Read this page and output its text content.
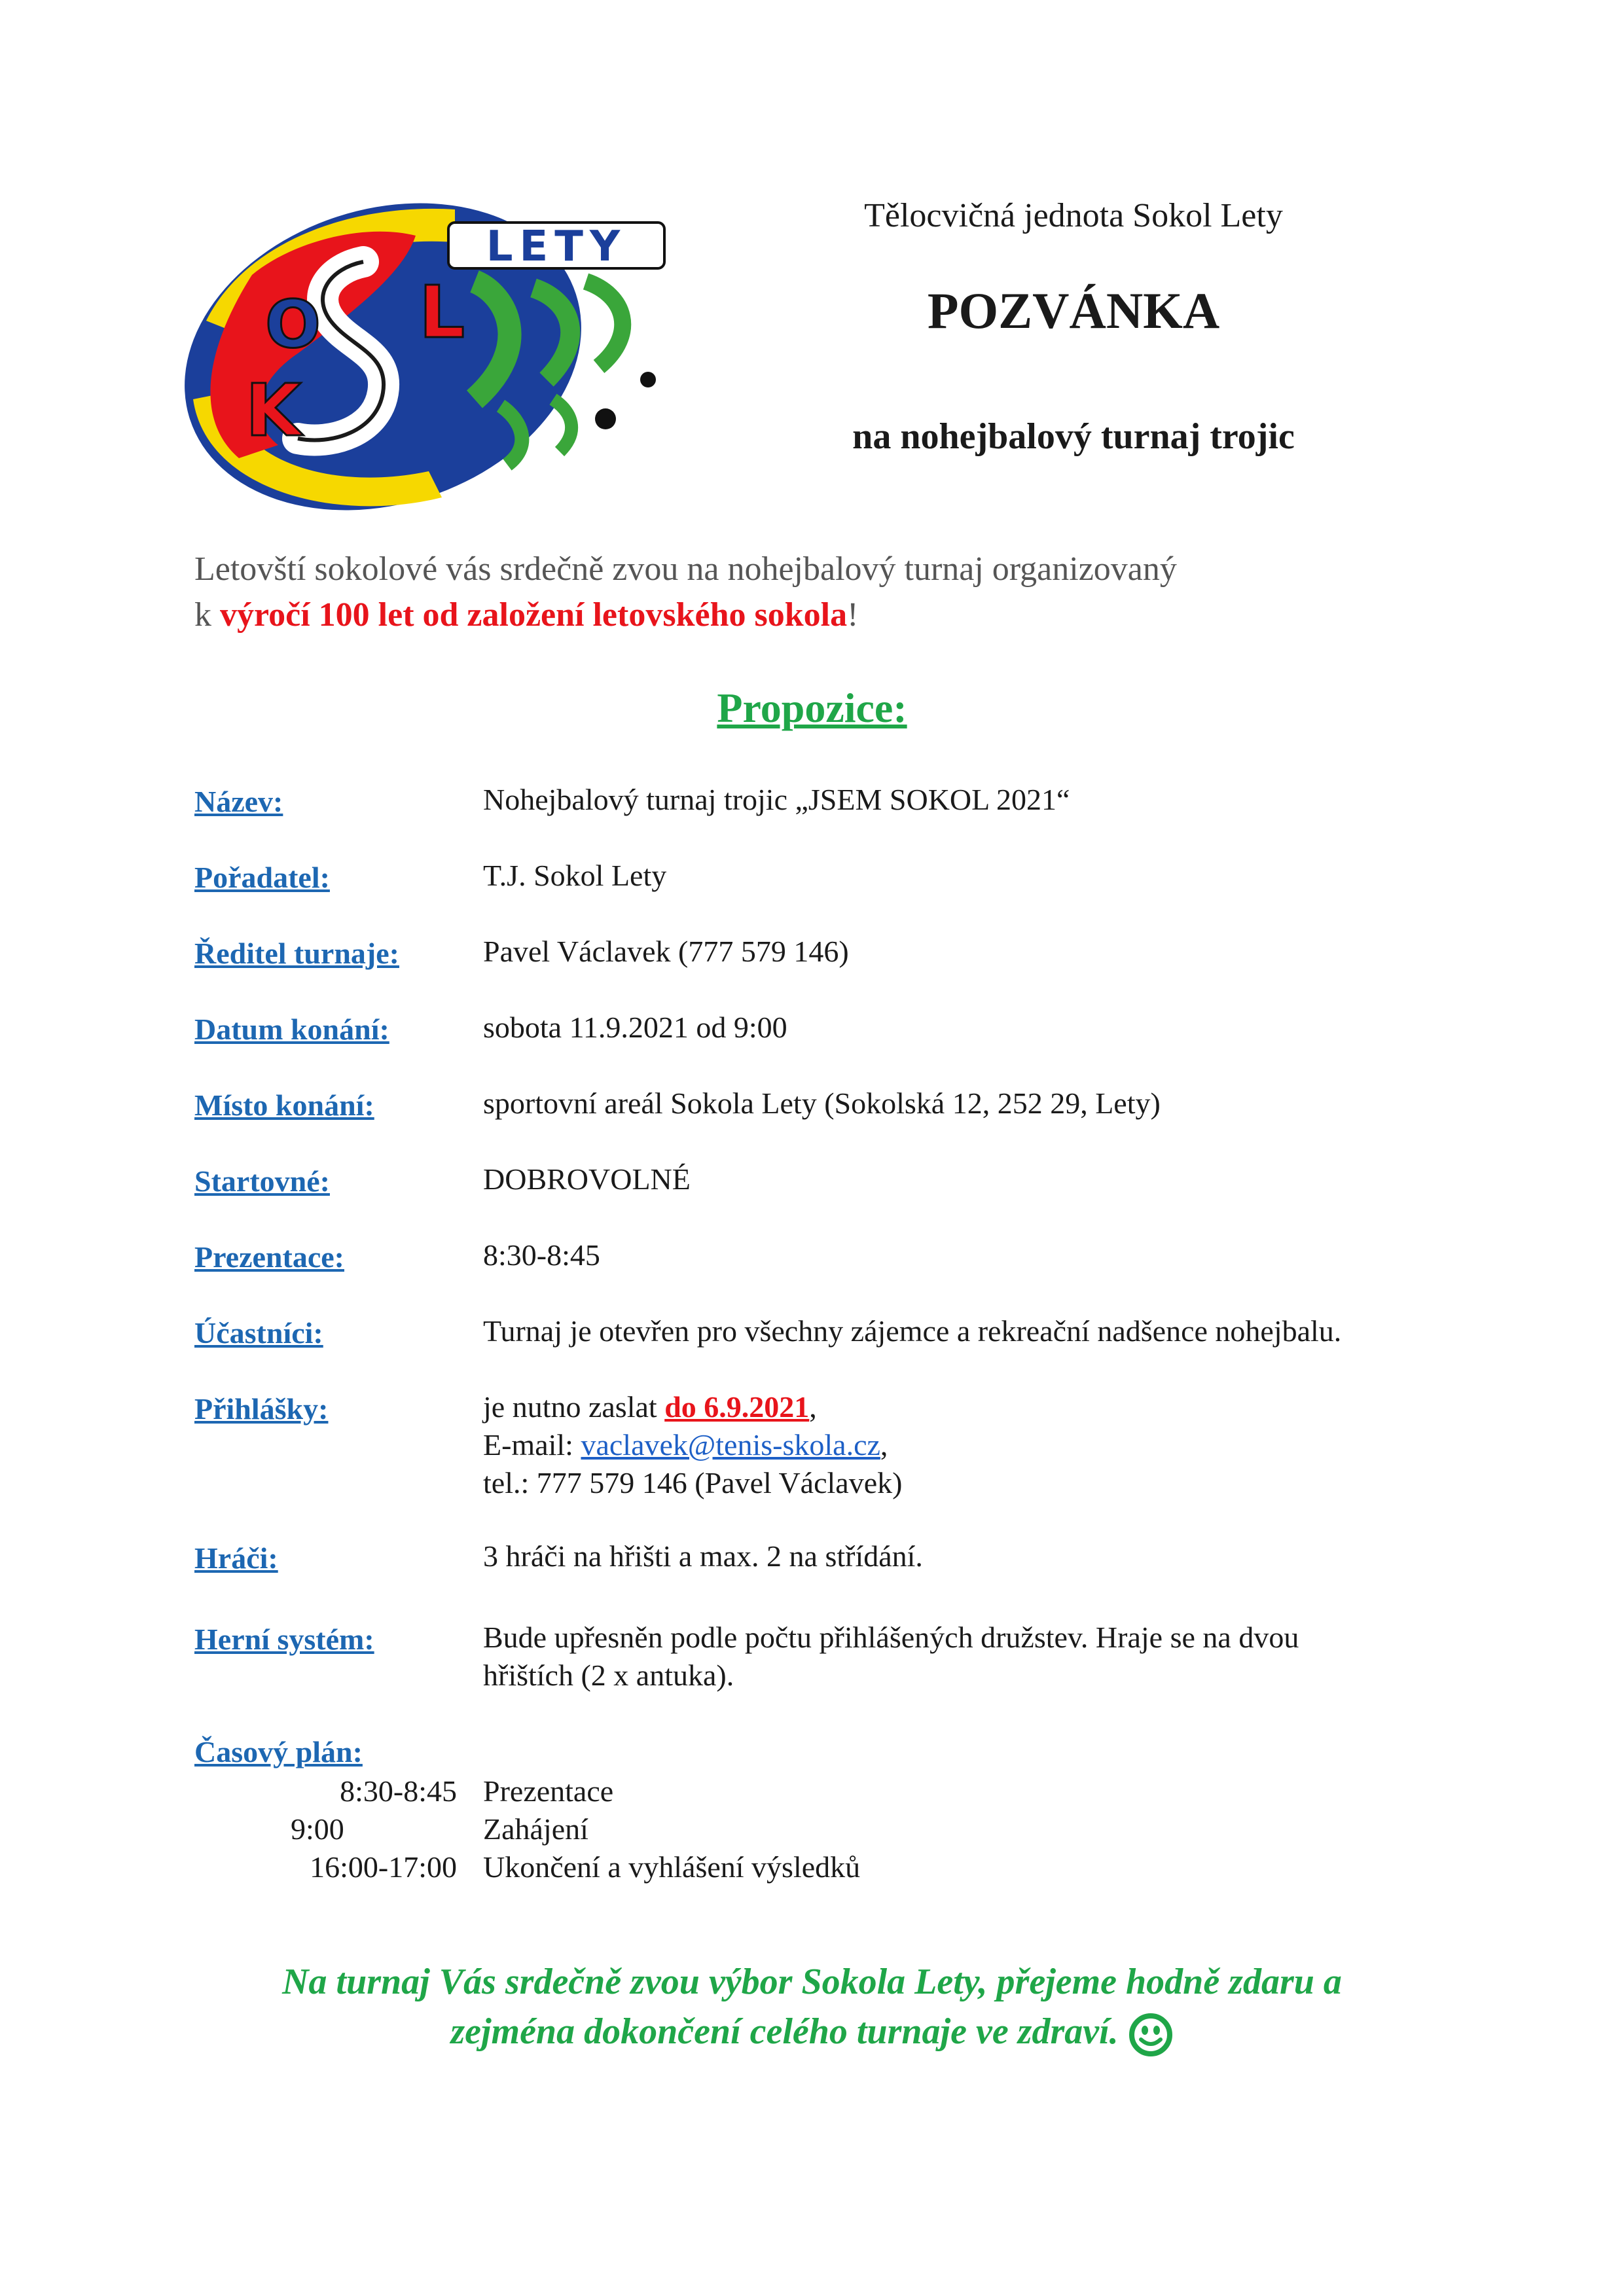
K
O L
LETY
Tělocvičná jednota Sokol Lety
POZVÁNKA
na nohejbalový turnaj trojic
Letovští sokolové vás srdečně zvou na nohejbalový turnaj organizovaný
k výročí 100 let od založení letovského sokola!
Propozice:
Název:	Nohejbalový turnaj trojic „JSEM SOKOL 2021“
Pořadatel:	T.J. Sokol Lety
Ředitel turnaje:	Pavel Václavek (777 579 146)
Datum konání:	sobota 11.9.2021 od 9:00
Místo konání:	sportovní areál Sokola Lety (Sokolská 12, 252 29, Lety)
Startovné:	DOBROVOLNÉ
Prezentace:	8:30-8:45
Účastníci:	Turnaj je otevřen pro všechny zájemce a rekreační nadšence nohejbalu.
Přihlášky:	je nutno zaslat do 6.9.2021,
E-mail: vaclavek@tenis-skola.cz,
tel.: 777 579 146 (Pavel Václavek)
Hráči:	3 hráči na hřišti a max. 2 na střídání.
Herní systém:	Bude upřesněn podle počtu přihlášených družstev. Hraje se na dvou
hřištích (2 x antuka).
Časový plán:
8:30-8:45 Prezentace
9:00	Zahájení
16:00-17:00 Ukončení a vyhlášení výsledků
Na turnaj Vás srdečně zvou výbor Sokola Lety, přejeme hodně zdaru a
zejména dokončení celého turnaje ve zdraví.
